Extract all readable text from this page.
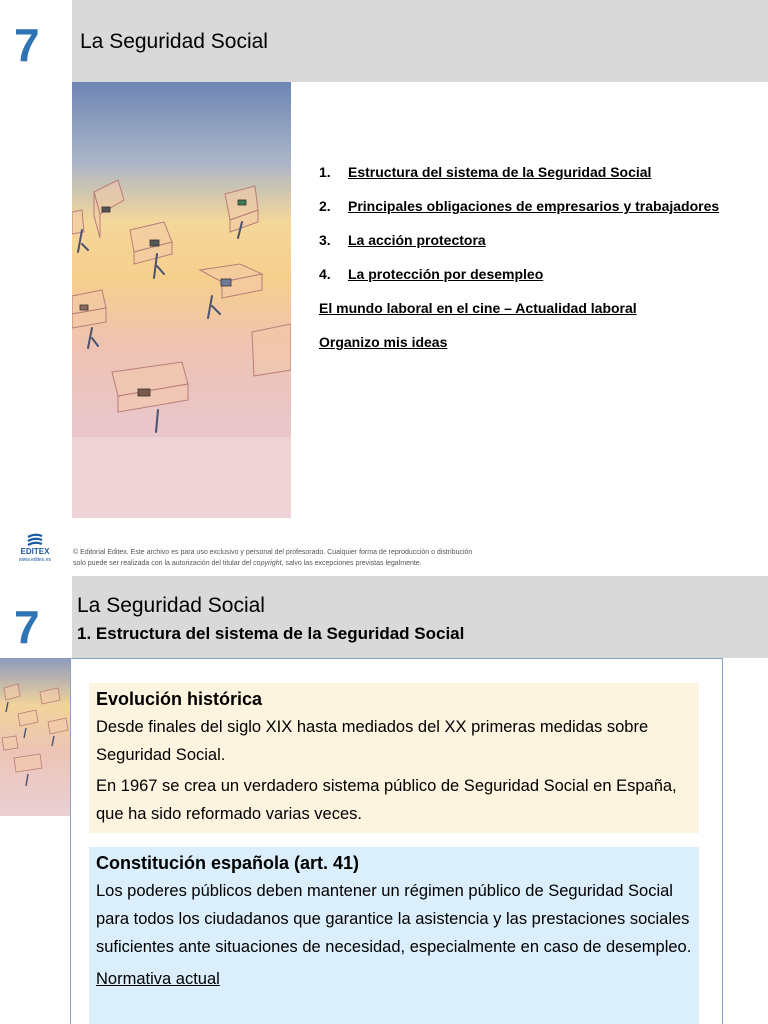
7 La Seguridad Social
1.	Estructura del sistema de la Seguridad Social
2.	Principales obligaciones de empresarios y trabajadores
3.	La acción protectora
4.	La protección por desempleo
El mundo laboral en el cine – Actualidad laboral
Organizo mis ideas
EDITEX
www.editex.es
© Editorial Editex. Este archivo es para uso exclusivo y personal del profesorado. Cualquier forma de reproducción o distribución
solo puede ser realizada con la autorización del titular del copyright, salvo las excepciones previstas legalmente.
7 La Seguridad Social
1. Estructura del sistema de la Seguridad Social
Evolución histórica

Desde finales del siglo XIX hasta mediados del XX primeras medidas sobre Seguridad Social.

En 1967 se crea un verdadero sistema público de Seguridad Social en España, que ha sido reformado varias veces.

Constitución española (art. 41)

Los poderes públicos deben mantener un régimen público de Seguridad Social para todos los ciudadanos que garantice la asistencia y las prestaciones sociales suficientes ante situaciones de necesidad, especialmente en caso de desempleo.

Normativa actual
